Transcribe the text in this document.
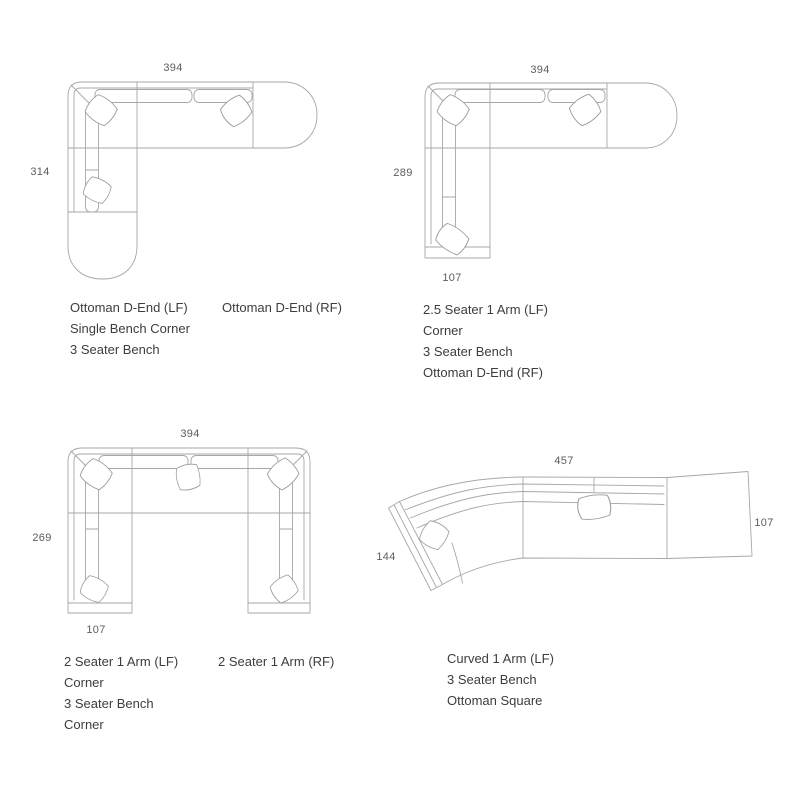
394
314
Ottoman D-End (LF)
Single Bench Corner
3 Seater Bench
Ottoman D-End (RF)
394
289
107
2.5 Seater 1 Arm (LF)
Corner
3 Seater Bench
Ottoman D-End (RF)
394
269
107
2 Seater 1 Arm (LF)
Corner
3 Seater Bench
Corner
2 Seater 1 Arm (RF)
457
144
107
Curved 1 Arm (LF)
3 Seater Bench
Ottoman Square
